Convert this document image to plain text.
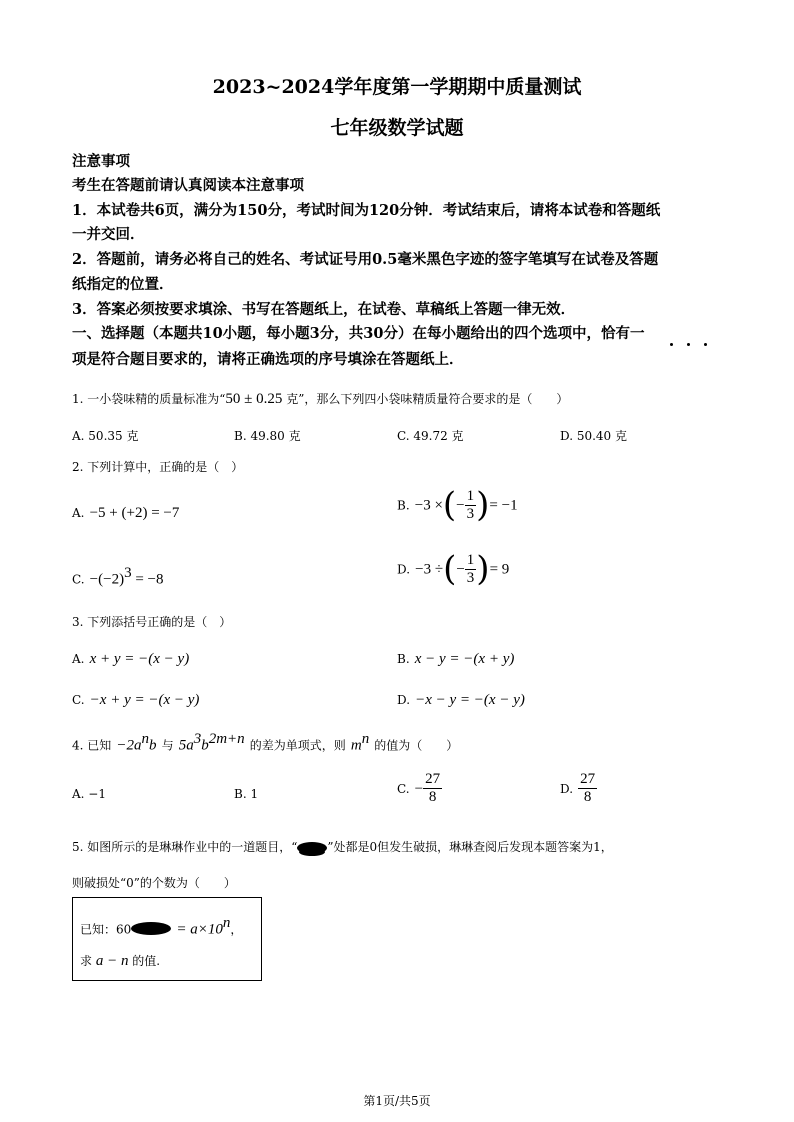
2023~2024学年度第一学期期中质量测试
七年级数学试题
注意事项
考生在答题前请认真阅读本注意事项
1．本试卷共6页，满分为150分，考试时间为120分钟．考试结束后，请将本试卷和答题纸
一并交回．
2．答题前，请务必将自己的姓名、考试证号用0.5毫米黑色字迹的签字笔填写在试卷及答题
纸指定的位置．
3．答案必须按要求填涂、书写在答题纸上，在试卷、草稿纸上答题一律无效．
一、选择题（本题共10小题，每小题3分，共30分）在每小题给出的四个选项中，恰有一
项是符合题目要求的，请将正确选项的序号填涂在答题纸上．
1. 一小袋味精的质量标准为“50 ± 0.25 克”，那么下列四小袋味精质量符合要求的是（　　）
A. 50.35 克	B. 49.80 克	C. 49.72 克	D. 50.40 克
2. 下列计算中，正确的是（　）
A. −5 + (+2) = −7	B. −3 ×(− $\frac{1}{3}$ )= −1
C. $-(-2)^3 = -8$
D. −3 ÷(− $\frac{1}{3}$ )= 9
3. 下列添括号正确的是（　）
A. x + y = −(x − y)	B. x − y = −(x + y)
C. −x + y = −(x − y)	D. −x − y = −(x − y)
4. 已知 $-2a^nb$ 与 $5a^3b^{2m+n}$ 的差为单项式，则 $m^n$ 的值为（　　）
A. −1	B. 1	C. − $\frac{27}{8}$	D. $\frac{27}{8}$
5. 如图所示的是琳琳作业中的一道题目，“	”处都是0但发生破损，琳琳查阅后发现本题答案为1，
则破损处“0”的个数为（　　）
已知：60	= $a\times 10^n$，
求 a − n 的值.
第1页/共5页
